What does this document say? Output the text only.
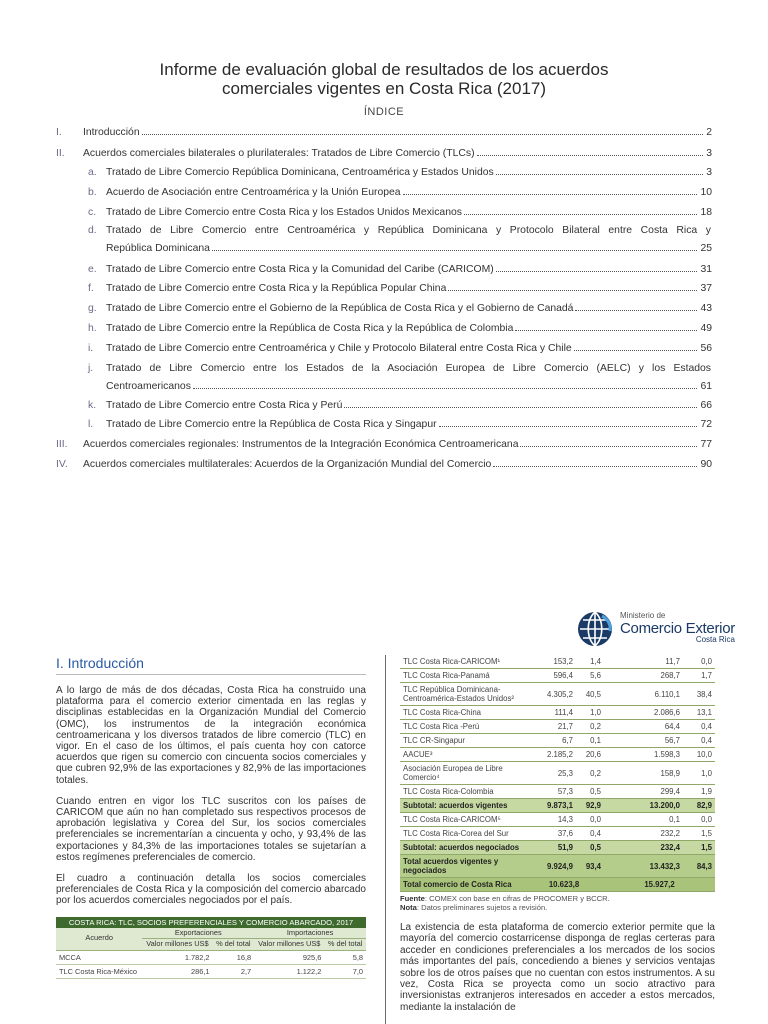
Informe de evaluación global de resultados de los acuerdos
comerciales vigentes en Costa Rica (2017)
ÍNDICE
I.	Introducción	2
II.	Acuerdos comerciales bilaterales o plurilaterales: Tratados de Libre Comercio (TLCs)	3
a. Tratado de Libre Comercio República Dominicana, Centroamérica y Estados Unidos	3
b. Acuerdo de Asociación entre Centroamérica y la Unión Europea	10
c. Tratado de Libre Comercio entre Costa Rica y los Estados Unidos Mexicanos	18
d. Tratado de Libre Comercio entre Centroamérica y República Dominicana y Protocolo Bilateral entre Costa Rica y
República Dominicana	25
e. Tratado de Libre Comercio entre Costa Rica y la Comunidad del Caribe (CARICOM)	31
f.	Tratado de Libre Comercio entre Costa Rica y la República Popular China	37
g. Tratado de Libre Comercio entre el Gobierno de la República de Costa Rica y el Gobierno de Canadá	43
h. Tratado de Libre Comercio entre la República de Costa Rica y la República de Colombia	49
i.	Tratado de Libre Comercio entre Centroamérica y Chile y Protocolo Bilateral entre Costa Rica y Chile	56
j.	Tratado de Libre Comercio entre los Estados de la Asociación Europea de Libre Comercio (AELC) y los Estados
Centroamericanos	61
k. Tratado de Libre Comercio entre Costa Rica y Perú	66
l.	Tratado de Libre Comercio entre la República de Costa Rica y Singapur	72
III.	Acuerdos comerciales regionales: Instrumentos de la Integración Económica Centroamericana	77
IV.	Acuerdos comerciales multilaterales: Acuerdos de la Organización Mundial del Comercio	90
Ministerio de
Comercio Exterior
Costa Rica
I. Introducción

A lo largo de más de dos décadas, Costa Rica ha construido una plataforma para el comercio exterior cimentada en las reglas y disciplinas establecidas en la Organización Mundial del Comercio (OMC), los instrumentos de la integración económica centroamericana y los diversos tratados de libre comercio (TLC) en vigor. En el caso de los últimos, el país cuenta hoy con catorce acuerdos que rigen su comercio con cincuenta socios comerciales y que cubren 92,9% de las exportaciones y 82,9% de las importaciones totales.

Cuando entren en vigor los TLC suscritos con los países de CARICOM que aún no han completado sus respectivos procesos de aprobación legislativa y Corea del Sur, los socios comerciales preferenciales se incrementarían a cincuenta y ocho, y 93,4% de las exportaciones y 84,3% de las importaciones totales se sujetarían a estos regímenes preferenciales de comercio.

El cuadro a continuación detalla los socios comerciales preferenciales de Costa Rica y la composición del comercio abarcado por los acuerdos comerciales negociados por el país.

COSTA RICA: TLC, SOCIOS PREFERENCIALES Y COMERCIO ABARCADO, 2017				
Acuerdo	Exportaciones		Importaciones	
	Valor millones US$	% del total	Valor millones US$	% del total
MCCA	1.782,2	16,8	925,6	5,8
TLC Costa Rica-México	286,1	2,7	1.122,2	7,0
TLC Costa Rica-CARICOM¹	153,2	1,4	11,7	0,0
TLC Costa Rica-Panamá	596,4	5,6	268,7	1,7
TLC República Dominicana-Centroamérica-Estados Unidos²	4.305,2	40,5	6.110,1	38,4
TLC Costa Rica-China	111,4	1,0	2.086,6	13,1
TLC Costa Rica -Perú	21,7	0,2	64,4	0,4
TLC CR-Singapur	6,7	0,1	56,7	0,4
AACUE³	2.185,2	20,6	1.598,3	10,0
Asociación Europea de Libre Comercio⁴	25,3	0,2	158,9	1,0
TLC Costa Rica-Colombia	57,3	0,5	299,4	1,9
Subtotal: acuerdos vigentes	9.873,1	92,9	13.200,0	82,9
TLC Costa Rica-CARICOM⁵	14,3	0,0	0,1	0,0
TLC Costa Rica-Corea del Sur	37,6	0,4	232,2	1,5
Subtotal: acuerdos negociados	51,9	0,5	232,4	1,5
Total acuerdos vigentes y negociados	9.924,9	93,4	13.432,3	84,3
Total comercio de Costa Rica	10.623,8		15.927,2	
Fuente: COMEX con base en cifras de PROCOMER y BCCR.
Nota: Datos preliminares sujetos a revisión.

La existencia de esta plataforma de comercio exterior permite que la mayoría del comercio costarricense disponga de reglas certeras para acceder en condiciones preferenciales a los mercados de los socios más importantes del país, concediendo a bienes y servicios ventajas sobre los de otros países que no cuentan con estos instrumentos. A su vez, Costa Rica se proyecta como un socio atractivo para inversionistas extranjeros interesados en acceder a estos mercados, mediante la instalación de
